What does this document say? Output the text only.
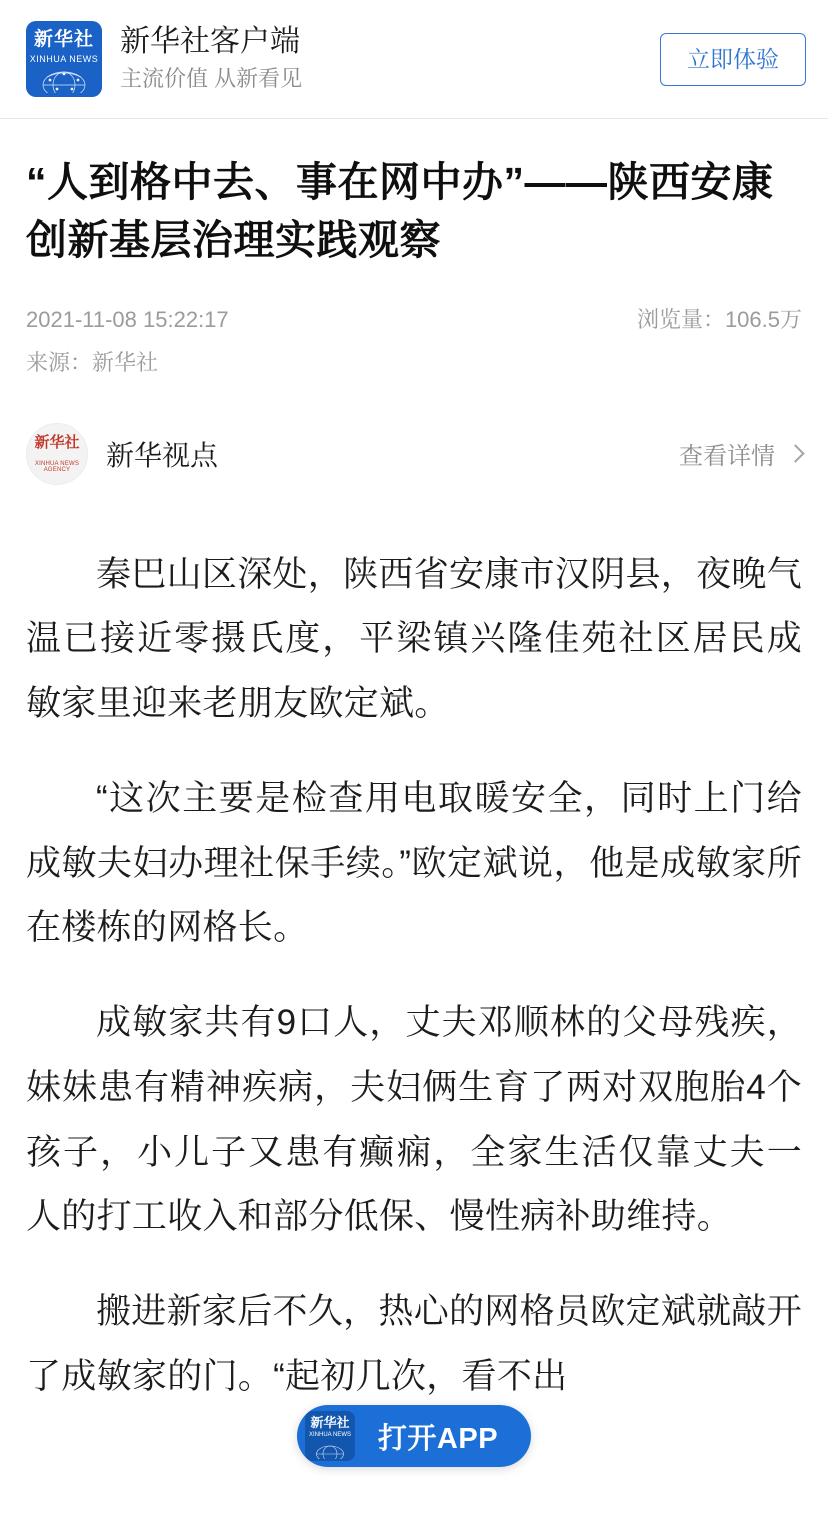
新华社
XINHUA NEWS
新华社客户端
主流价值 从新看见
立即体验
“人到格中去、事在网中办”——陕西安康创新基层治理实践观察
2021-11-08 15:22:17
来源：新华社
浏览量：106.5万
新华社
XINHUA NEWS AGENCY	新华视点	查看详情

秦巴山区深处，陕西省安康市汉阴县，夜晚气温已接近零摄氏度，平梁镇兴隆佳苑社区居民成敏家里迎来老朋友欧定斌。

“这次主要是检查用电取暖安全，同时上门给成敏夫妇办理社保手续。”欧定斌说，他是成敏家所在楼栋的网格长。

成敏家共有9口人，丈夫邓顺林的父母残疾，妹妹患有精神疾病，夫妇俩生育了两对双胞胎4个孩子，小儿子又患有癫痫，全家生活仅靠丈夫一人的打工收入和部分低保、慢性病补助维持。

搬进新家后不久，热心的网格员欧定斌就敲开了成敏家的门。“起初几次，看不出

新华社
XINHUA NEWS 打开APP
